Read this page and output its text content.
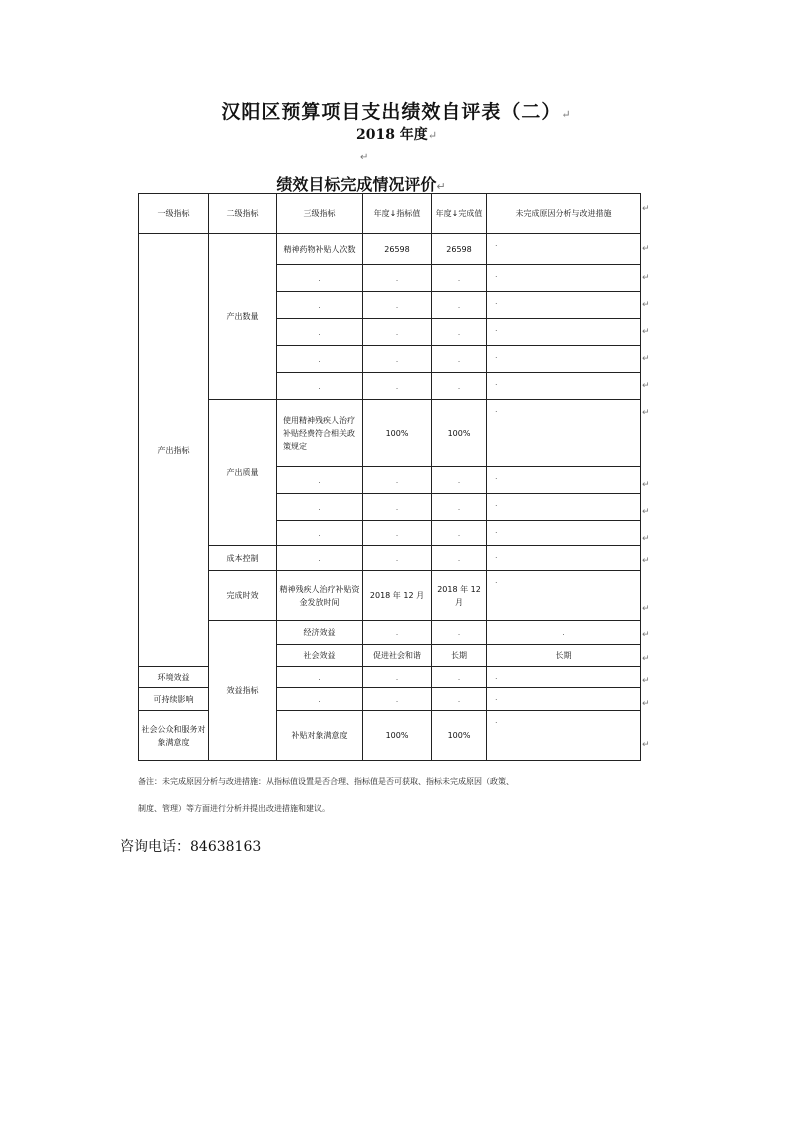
汉阳区预算项目支出绩效自评表（二）↵
2018 年度↵
↵
绩效目标完成情况评价↵
一级指标	二级指标	三级指标	年度↓指标值	年度↓完成值	未完成原因分析与改进措施	
产出指标	产出数量	精神药物补贴人次数	26598	26598	.	
		.	.	.	.	
		.	.	.	.	
		.	.	.	.	
		.	.	.	.	
		.	.	.	.	
	产出质量	使用精神残疾人治疗补贴经费符合相关政策规定	100%	100%	.	
		.	.	.	.	
		.	.	.	.	
		.	.	.	.	
	成本控制	.	.	.	.	
	完成时效	精神残疾人治疗补贴资金发放时间	2018 年 12 月	2018 年 12 月	.	
	效益指标	经济效益	.	.	.	
		社会效益	促进社会和谐	长期	长期	
环境效益		.	.	.	.	
可持续影响		.	.	.	.	
社会公众和服务对象满意度		补贴对象满意度	100%	100%	.	
↵
↵
↵
↵
↵
↵
↵
↵
↵
↵
↵
↵
↵
↵
↵
↵
↵
↵
备注：未完成原因分析与改进措施：从指标值设置是否合理、指标值是否可获取、指标未完成原因（政策、
制度、管理）等方面进行分析并提出改进措施和建议。
咨询电话：84638163
